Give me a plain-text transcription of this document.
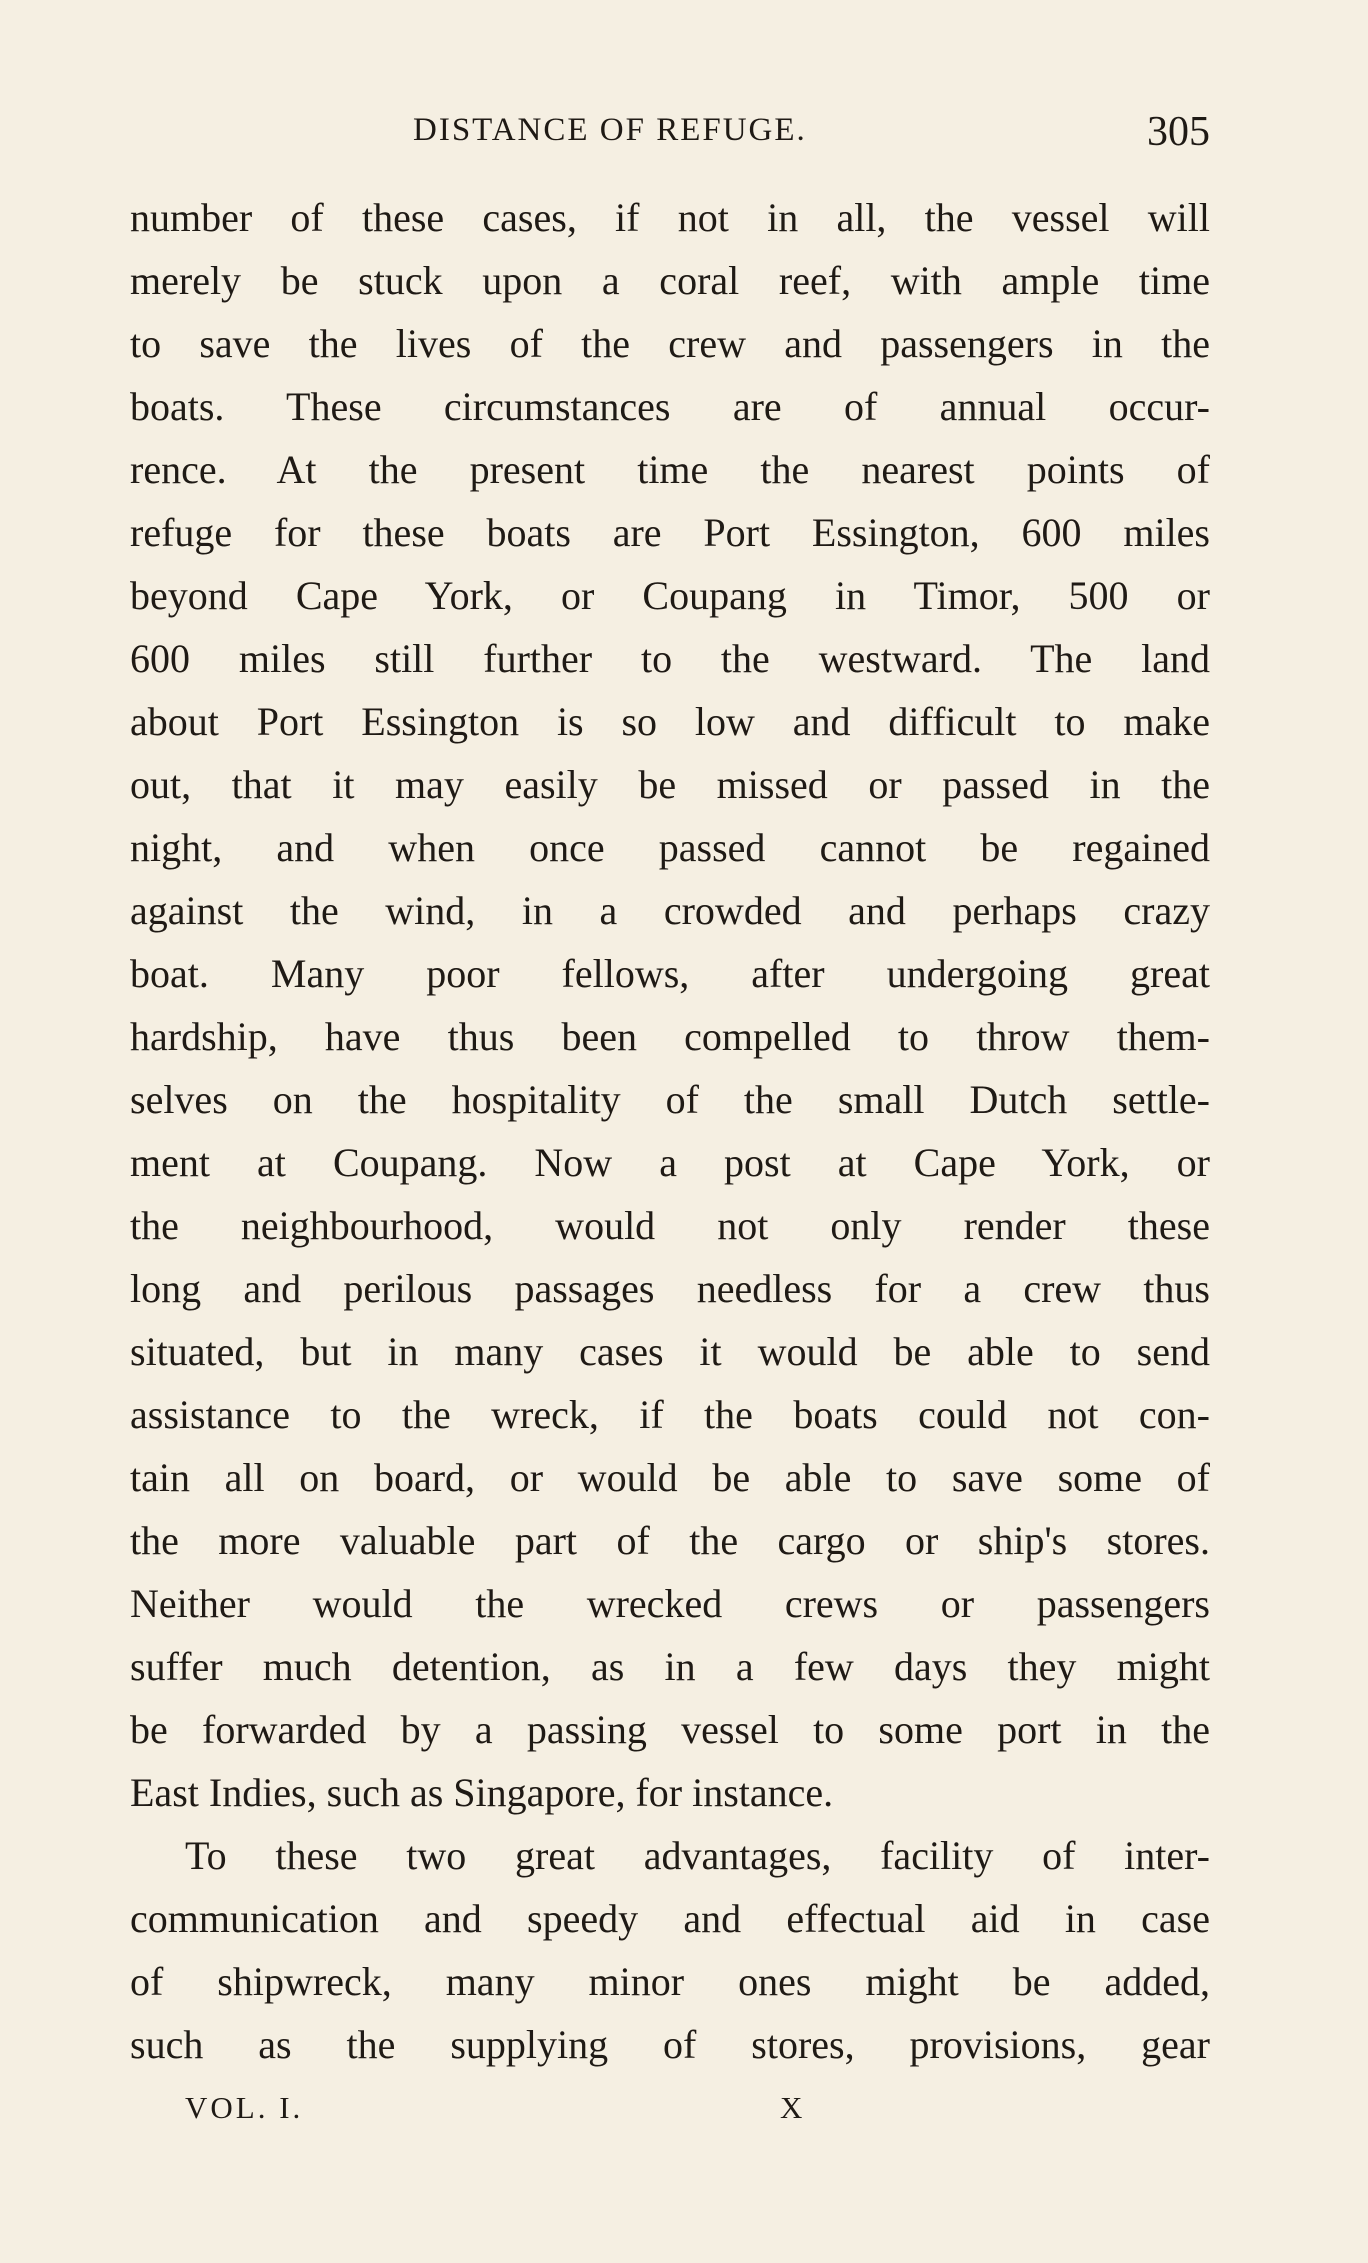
DISTANCE OF REFUGE.	305
number of these cases, if not in all, the vessel will
merely be stuck upon a coral reef, with ample time
to save the lives of the crew and passengers in the
boats. These circumstances are of annual occur-
rence. At the present time the nearest points of
refuge for these boats are Port Essington, 600 miles
beyond Cape York, or Coupang in Timor, 500 or
600 miles still further to the westward. The land
about Port Essington is so low and difficult to make
out, that it may easily be missed or passed in the
night, and when once passed cannot be regained
against the wind, in a crowded and perhaps crazy
boat. Many poor fellows, after undergoing great
hardship, have thus been compelled to throw them-
selves on the hospitality of the small Dutch settle-
ment at Coupang. Now a post at Cape York, or
the neighbourhood, would not only render these
long and perilous passages needless for a crew thus
situated, but in many cases it would be able to send
assistance to the wreck, if the boats could not con-
tain all on board, or would be able to save some of
the more valuable part of the cargo or ship's stores.
Neither would the wrecked crews or passengers
suffer much detention, as in a few days they might
be forwarded by a passing vessel to some port in the
East Indies, such as Singapore, for instance.
To these two great advantages, facility of inter-
communication and speedy and effectual aid in case
of shipwreck, many minor ones might be added,
such as the supplying of stores, provisions, gear
VOL. I.	X
